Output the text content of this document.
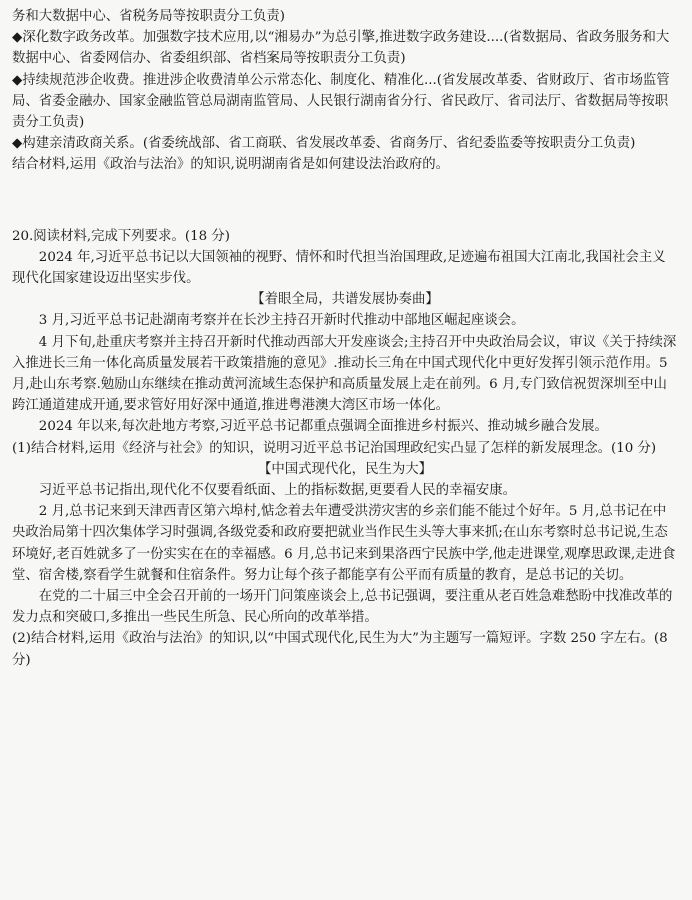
务和大数据中心、省税务局等按职责分工负责)

◆深化数字政务改革。加强数字技术应用,以“湘易办”为总引擎,推进数字政务建设....(省数据局、省政务服务和大数据中心、省委网信办、省委组织部、省档案局等按职责分工负责)

◆持续规范涉企收费。推进涉企收费清单公示常态化、制度化、精准化...(省发展改革委、省财政厅、省市场监管局、省委金融办、国家金融监管总局湖南监管局、人民银行湖南省分行、省民政厅、省司法厅、省数据局等按职责分工负责)

◆构建亲清政商关系。(省委统战部、省工商联、省发展改革委、省商务厅、省纪委监委等按职责分工负责)

结合材料,运用《政治与法治》的知识,说明湖南省是如何建设法治政府的。

20.阅读材料,完成下列要求。(18 分)

2024 年,习近平总书记以大国领袖的视野、情怀和时代担当治国理政,足迹遍布祖国大江南北,我国社会主义现代化国家建设迈出坚实步伐。

【着眼全局，共谱发展协奏曲】

3 月,习近平总书记赴湖南考察并在长沙主持召开新时代推动中部地区崛起座谈会。

4 月下旬,赴重庆考察并主持召开新时代推动西部大开发座谈会;主持召开中央政治局会议，审议《关于持续深入推进长三角一体化高质量发展若干政策措施的意见》.推动长三角在中国式现代化中更好发挥引领示范作用。5 月,赴山东考察.勉励山东继续在推动黄河流域生态保护和高质量发展上走在前列。6 月,专门致信祝贺深圳至中山跨江通道建成开通,要求管好用好深中通道,推进粤港澳大湾区市场一体化。

2024 年以来,每次赴地方考察,习近平总书记都重点强调全面推进乡村振兴、推动城乡融合发展。

(1)结合材料,运用《经济与社会》的知识，说明习近平总书记治国理政纪实凸显了怎样的新发展理念。(10 分)

【中国式现代化，民生为大】

习近平总书记指出,现代化不仅要看纸面、上的指标数据,更要看人民的幸福安康。

2 月,总书记来到天津西青区第六埠村,惦念着去年遭受洪涝灾害的乡亲们能不能过个好年。5 月,总书记在中央政治局第十四次集体学习时强调,各级党委和政府要把就业当作民生头等大事来抓;在山东考察时总书记说,生态环境好,老百姓就多了一份实实在在的幸福感。6 月,总书记来到果洛西宁民族中学,他走进课堂,观摩思政课,走进食堂、宿舍楼,察看学生就餐和住宿条件。努力让每个孩子都能享有公平而有质量的教育，是总书记的关切。

在党的二十届三中全会召开前的一场开门问策座谈会上,总书记强调，要注重从老百姓急难愁盼中找准改革的发力点和突破口,多推出一些民生所急、民心所向的改革举措。

(2)结合材料,运用《政治与法治》的知识,以“中国式现代化,民生为大”为主题写一篇短评。字数 250 字左右。(8 分)
